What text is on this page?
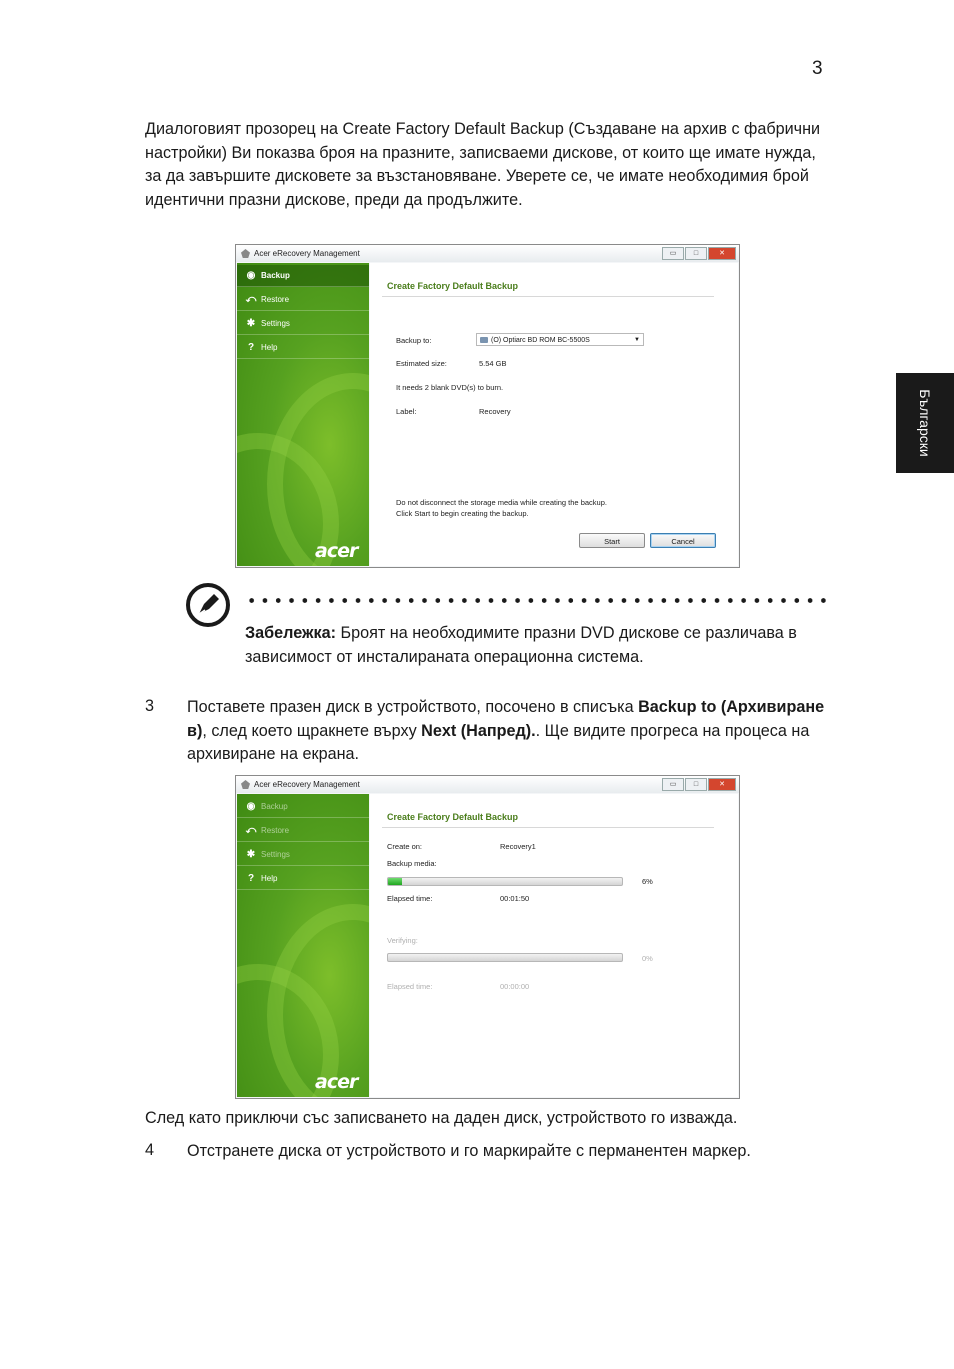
3
Български

Диалоговият прозорец на Create Factory Default Backup (Създаване на архив с фабрични настройки) Ви показва броя на празните, записваеми дискове, от които ще имате нужда, за да завършите дисковете за възстановяване. Уверете се, че имате необходимия брой идентични празни дискове, преди да продължите.

Acer eRecovery Management	▭	□	✕
◉ Backup
⤺ Restore
✱ Settings
? Help
acer
Create Factory Default Backup
Backup to:	(O) Optiarc BD ROM BC-5500S	▼
Estimated size:	5.54 GB
It needs 2 blank DVD(s) to burn.
Label:	Recovery
Do not disconnect the storage media while creating the backup.
Click Start to begin creating the backup.
Start	Cancel

Забележка: Броят на необходимите празни DVD дискове се различава в зависимост от инсталираната операционна система.

3 Поставете празен диск в устройството, посочено в списъка Backup to (Архивиране в), след което щракнете върху Next (Напред).. Ще видите прогреса на процеса на архивиране на екрана.

Acer eRecovery Management	▭	□	✕
◉ Backup
⤺ Restore
✱ Settings
? Help
acer
Create Factory Default Backup
Create on:	Recovery1
Backup media:
6%
Elapsed time:	00:01:50
Verifying:
0%
Elapsed time:	00:00:00

След като приключи със записването на даден диск, устройството го изважда.

4 Отстранете диска от устройството и го маркирайте с перманентен маркер.
